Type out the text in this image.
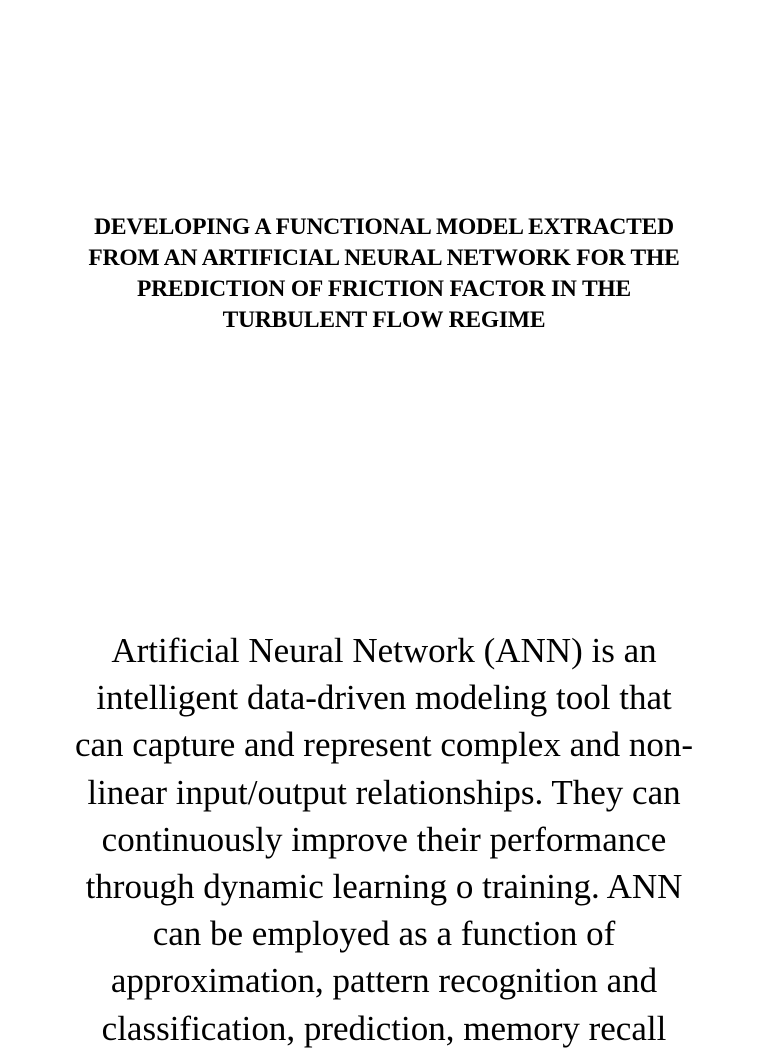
DEVELOPING A FUNCTIONAL MODEL EXTRACTED
FROM AN ARTIFICIAL NEURAL NETWORK FOR THE
PREDICTION OF FRICTION FACTOR IN THE
TURBULENT FLOW REGIME
Artificial Neural Network (ANN) is an
intelligent data-driven modeling tool that
can capture and represent complex and non-
linear input/output relationships. They can
continuously improve their performance
through dynamic learning o training. ANN
can be employed as a function of
approximation, pattern recognition and
classification, prediction, memory recall
